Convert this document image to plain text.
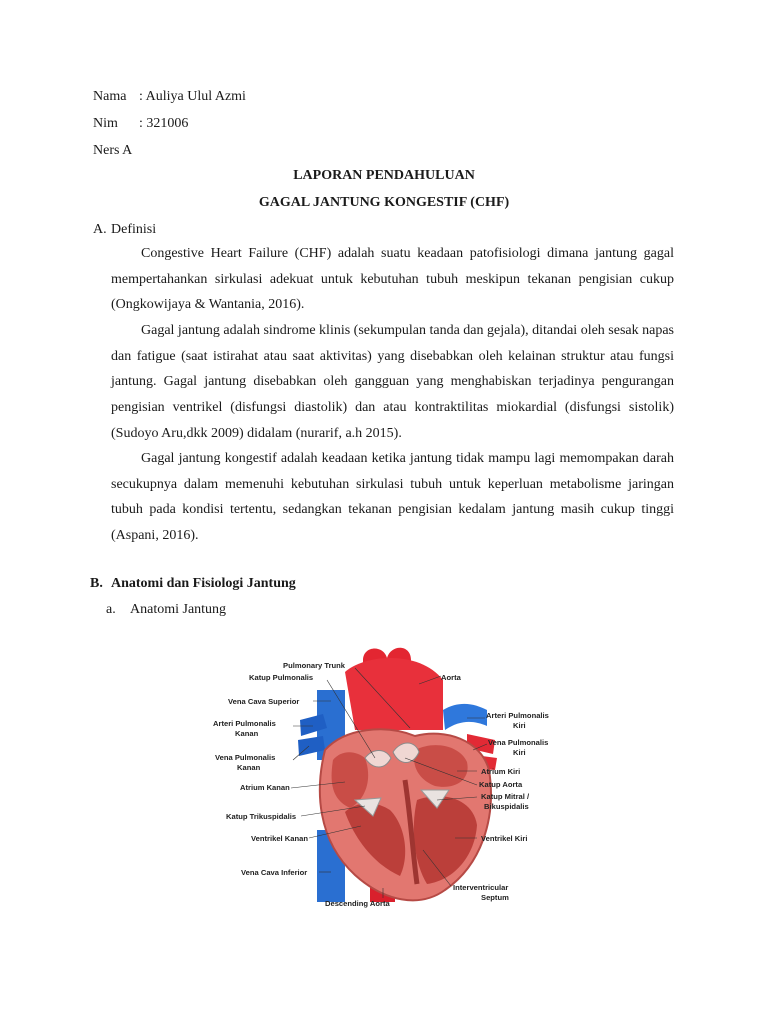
Nama : Auliya Ulul Azmi
Nim : 321006
Ners A
LAPORAN PENDAHULUAN
GAGAL JANTUNG KONGESTIF (CHF)
A. Definisi
Congestive Heart Failure (CHF) adalah suatu keadaan patofisiologi dimana jantung gagal mempertahankan sirkulasi adekuat untuk kebutuhan tubuh meskipun tekanan pengisian cukup (Ongkowijaya & Wantania, 2016).
Gagal jantung adalah sindrome klinis (sekumpulan tanda dan gejala), ditandai oleh sesak napas dan fatigue (saat istirahat atau saat aktivitas) yang disebabkan oleh kelainan struktur atau fungsi jantung. Gagal jantung disebabkan oleh gangguan yang menghabiskan terjadinya pengurangan pengisian ventrikel (disfungsi diastolik) dan atau kontraktilitas miokardial (disfungsi sistolik) (Sudoyo Aru,dkk 2009) didalam (nurarif, a.h 2015).
Gagal jantung kongestif adalah keadaan ketika jantung tidak mampu lagi memompakan darah secukupnya dalam memenuhi kebutuhan sirkulasi tubuh untuk keperluan metabolisme jaringan tubuh pada kondisi tertentu, sedangkan tekanan pengisian kedalam jantung masih cukup tinggi (Aspani, 2016).
B. Anatomi dan Fisiologi Jantung
a. Anatomi Jantung
Pulmonary Trunk
Katup Pulmonalis	Aorta
Vena Cava Superior
Arteri Pulmonalis
Kanan
Vena Pulmonalis
Kanan
Arteri Pulmonalis
Kiri
Vena Pulmonalis
Kiri
Atrium Kiri
Atrium Kanan	Katup Aorta
Katup Mitral /
Bikuspidalis
Katup Trikuspidalis
Ventrikel Kanan	Ventrikel Kiri
Vena Cava Inferior
Interventricular
Septum
Descending Aorta
